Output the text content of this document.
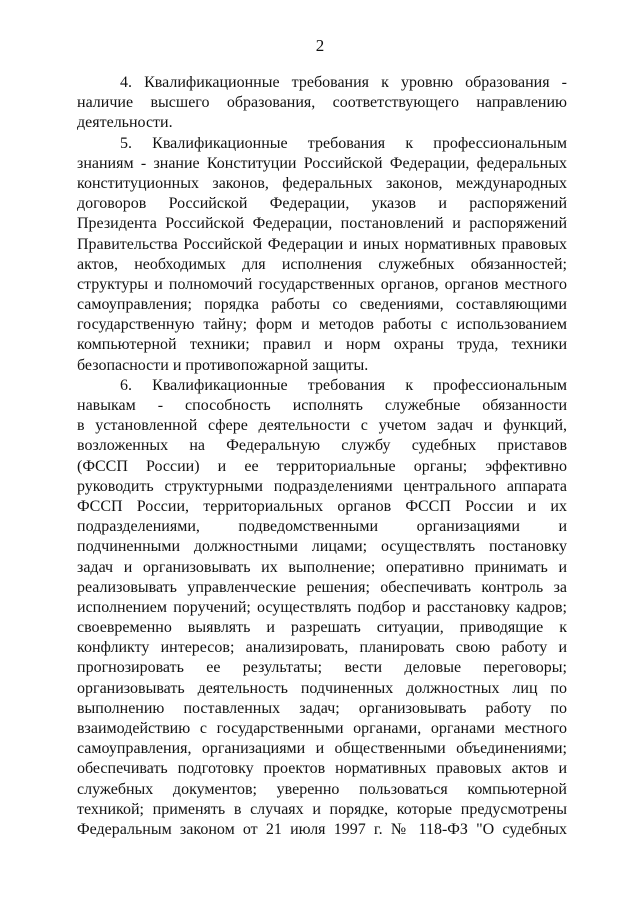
2
4. Квалификационные требования к уровню образования -
наличие высшего образования, соответствующего направлению
деятельности.
5. Квалификационные требования к профессиональным
знаниям - знание Конституции Российской Федерации, федеральных
конституционных законов, федеральных законов, международных
договоров Российской Федерации, указов и распоряжений
Президента Российской Федерации, постановлений и распоряжений
Правительства Российской Федерации и иных нормативных правовых
актов, необходимых для исполнения служебных обязанностей;
структуры и полномочий государственных органов, органов местного
самоуправления; порядка работы со сведениями, составляющими
государственную тайну; форм и методов работы с использованием
компьютерной техники; правил и норм охраны труда, техники
безопасности и противопожарной защиты.
6. Квалификационные требования к профессиональным
навыкам - способность исполнять служебные обязанности
в установленной сфере деятельности с учетом задач и функций,
возложенных на Федеральную службу судебных приставов
(ФССП России) и ее территориальные органы; эффективно
руководить структурными подразделениями центрального аппарата
ФССП России, территориальных органов ФССП России и их
подразделениями, подведомственными организациями и
подчиненными должностными лицами; осуществлять постановку
задач и организовывать их выполнение; оперативно принимать и
реализовывать управленческие решения; обеспечивать контроль за
исполнением поручений; осуществлять подбор и расстановку кадров;
своевременно выявлять и разрешать ситуации, приводящие к
конфликту интересов; анализировать, планировать свою работу и
прогнозировать ее результаты; вести деловые переговоры;
организовывать деятельность подчиненных должностных лиц по
выполнению поставленных задач; организовывать работу по
взаимодействию с государственными органами, органами местного
самоуправления, организациями и общественными объединениями;
обеспечивать подготовку проектов нормативных правовых актов и
служебных документов; уверенно пользоваться компьютерной
техникой; применять в случаях и порядке, которые предусмотрены
Федеральным законом от 21 июля 1997 г. № 118-ФЗ "О судебных
